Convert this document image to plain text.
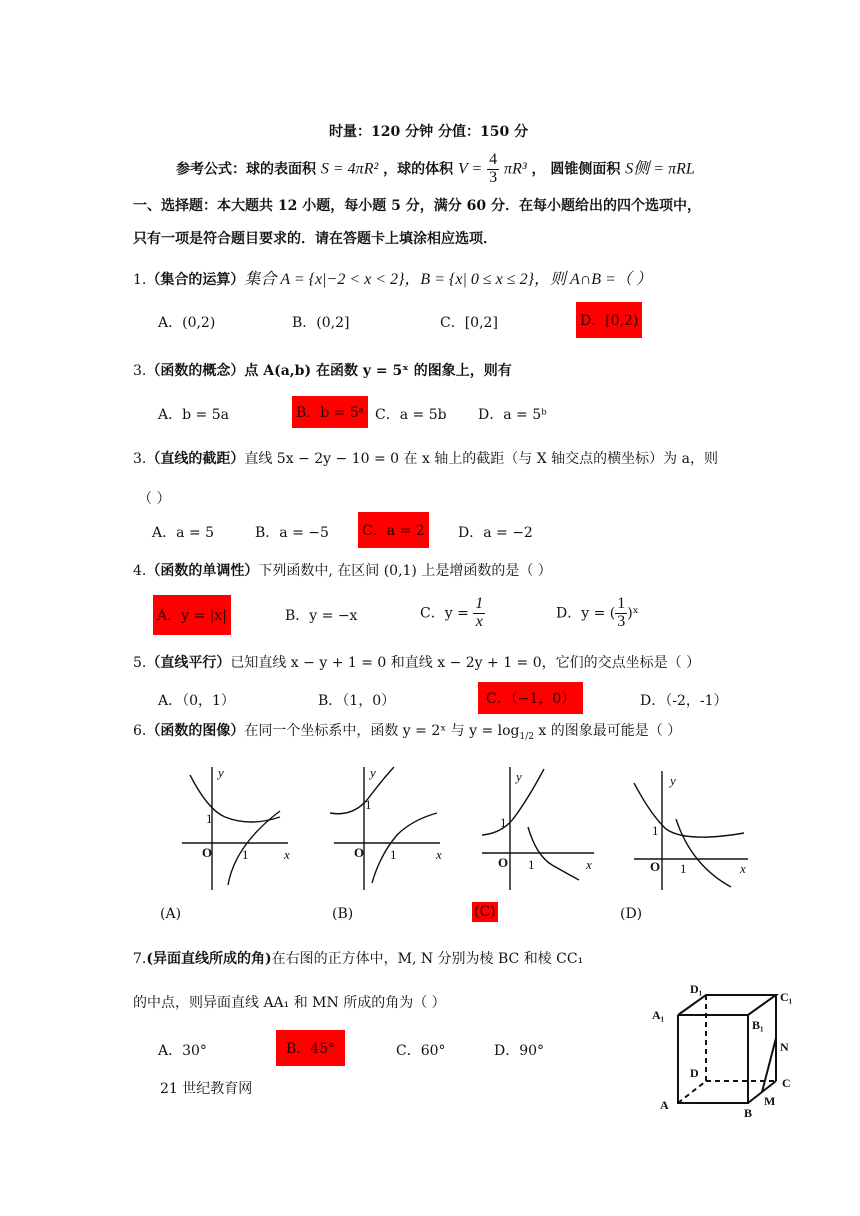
时量：120 分钟 分值：150 分
参考公式：球的表面积 S = 4πR² ，球的体积 $V = \frac{4}{3} \pi R^3$ ， 圆锥侧面积 S侧 = πRL
一、选择题：本大题共 12 小题，每小题 5 分，满分 60 分．在每小题给出的四个选项中，
只有一项是符合题目要求的．请在答题卡上填涂相应选项．
1.（集合的运算）集合 A = {x|−2 < x < 2}，B = {x| 0 ≤ x ≤ 2}，则 A∩B =（ ）
A．(0,2)	B．(0,2]	C．[0,2]	D．[0,2)
3.（函数的概念）点 A(a,b) 在函数 y = 5ˣ 的图象上，则有
A．b = 5a	B．b = 5ᵃ C．a = 5b D．a = 5ᵇ
3.（直线的截距）直线 5x − 2y − 10 = 0 在 x 轴上的截距（与 X 轴交点的横坐标）为 a，则
（ ）
A．a = 5	B．a = −5 C．a = 2 D．a = −2
4.（函数的单调性）下列函数中, 在区间 (0,1) 上是增函数的是（ ）
A．y = |x|	B．y = −x	C．$y = \frac{1}{x}$	D．y = ( $\frac{1}{3}$ )ˣ
5.（直线平行）已知直线 x − y + 1 = 0 和直线 x − 2y + 1 = 0，它们的交点坐标是（ ）
A．（0，1）	B．（1，0）	C．（−1，0）	D．（-2，-1）
6.（函数的图像）在同一个坐标系中，函数 y = 2ˣ 与 $y = \log_{1/2} x$ 的图象最可能是（ ）
y
x
O
1
1
y
x
O
1
1
y
x
O
1
1
y
x
O
1
1
(A)	(B)	(C)	(D)
7.(异面直线所成的角)在右图的正方体中，M, N 分别为棱 BC 和棱 CC₁
的中点，则异面直线 AA₁ 和 MN 所成的角为（ ）
A．30°	B．45°	C．60°	D．90°
D₁
C₁
A₁
B₁
N
D
C
A
B
M
21 世纪教育网
